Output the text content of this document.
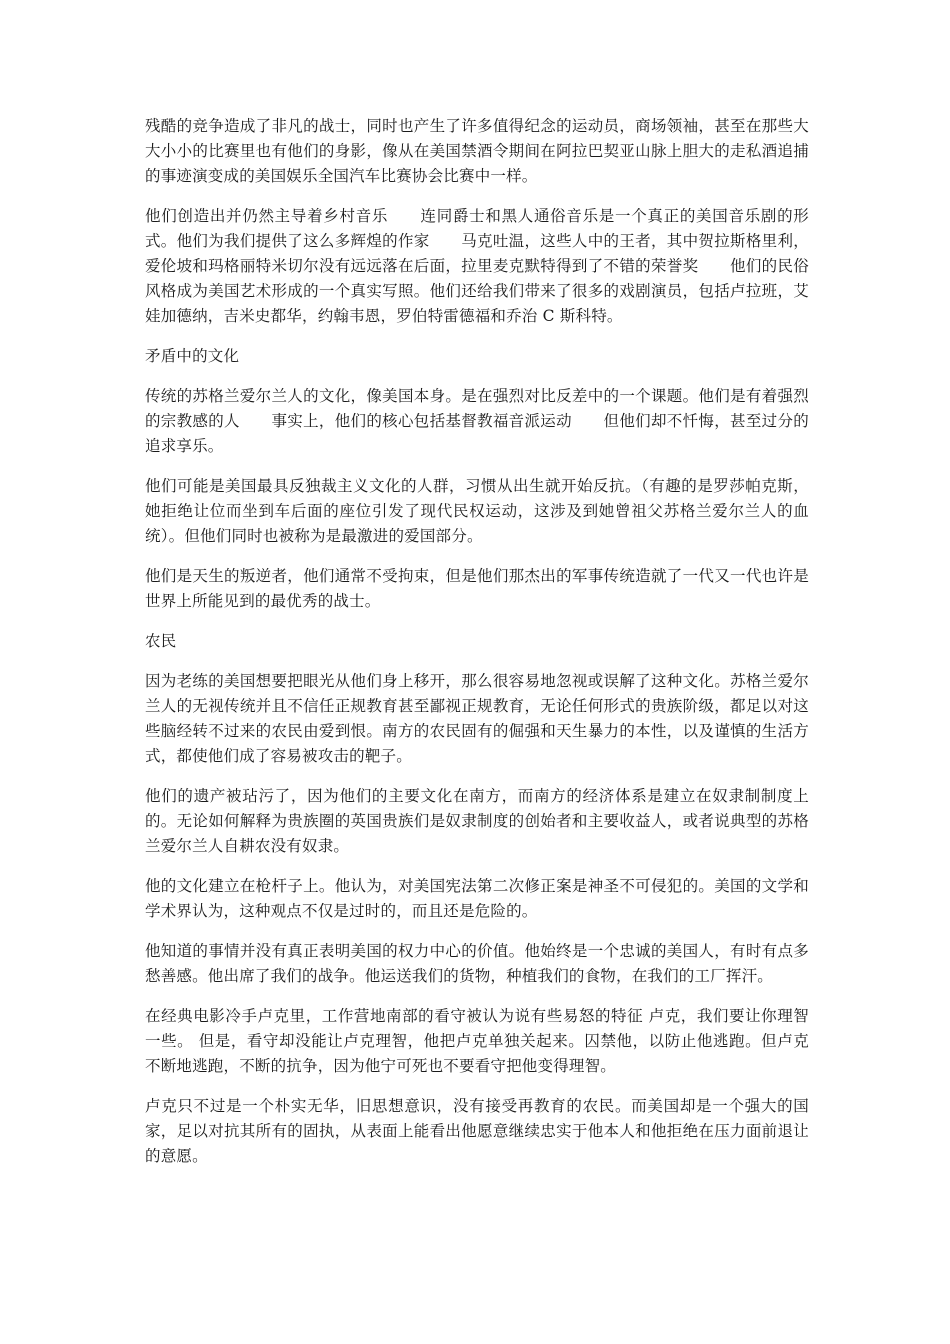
残酷的竞争造成了非凡的战士，同时也产生了许多值得纪念的运动员，商场领袖，甚至在那些大大小小的比赛里也有他们的身影，像从在美国禁酒令期间在阿拉巴契亚山脉上胆大的走私酒追捕的事迹演变成的美国娱乐全国汽车比赛协会比赛中一样。

他们创造出并仍然主导着乡村音乐　　连同爵士和黑人通俗音乐是一个真正的美国音乐剧的形式。他们为我们提供了这么多辉煌的作家　　马克吐温，这些人中的王者，其中贺拉斯格里利，爱伦坡和玛格丽特米切尔没有远远落在后面，拉里麦克默特得到了不错的荣誉奖　　他们的民俗风格成为美国艺术形成的一个真实写照。他们还给我们带来了很多的戏剧演员，包括卢拉班，艾娃加德纳，吉米史都华，约翰韦恩，罗伯特雷德福和乔治 C 斯科特。

矛盾中的文化

传统的苏格兰爱尔兰人的文化，像美国本身。是在强烈对比反差中的一个课题。他们是有着强烈的宗教感的人　　事实上，他们的核心包括基督教福音派运动　　但他们却不忏悔，甚至过分的追求享乐。

他们可能是美国最具反独裁主义文化的人群，习惯从出生就开始反抗。（有趣的是罗莎帕克斯，她拒绝让位而坐到车后面的座位引发了现代民权运动，这涉及到她曾祖父苏格兰爱尔兰人的血统）。但他们同时也被称为是最激进的爱国部分。

他们是天生的叛逆者，他们通常不受拘束，但是他们那杰出的军事传统造就了一代又一代也许是世界上所能见到的最优秀的战士。

农民

因为老练的美国想要把眼光从他们身上移开，那么很容易地忽视或误解了这种文化。苏格兰爱尔兰人的无视传统并且不信任正规教育甚至鄙视正规教育，无论任何形式的贵族阶级，都足以对这些脑经转不过来的农民由爱到恨。南方的农民固有的倔强和天生暴力的本性，以及谨慎的生活方式，都使他们成了容易被攻击的靶子。

他们的遗产被玷污了，因为他们的主要文化在南方，而南方的经济体系是建立在奴隶制制度上的。无论如何解释为贵族圈的英国贵族们是奴隶制度的创始者和主要收益人，或者说典型的苏格兰爱尔兰人自耕农没有奴隶。

他的文化建立在枪杆子上。他认为，对美国宪法第二次修正案是神圣不可侵犯的。美国的文学和学术界认为，这种观点不仅是过时的，而且还是危险的。

他知道的事情并没有真正表明美国的权力中心的价值。他始终是一个忠诚的美国人，有时有点多愁善感。他出席了我们的战争。他运送我们的货物，种植我们的食物，在我们的工厂挥汗。

在经典电影冷手卢克里，工作营地南部的看守被认为说有些易怒的特征 卢克，我们要让你理智一些。 但是，看守却没能让卢克理智，他把卢克单独关起来。囚禁他，以防止他逃跑。但卢克不断地逃跑，不断的抗争，因为他宁可死也不要看守把他变得理智。

卢克只不过是一个朴实无华，旧思想意识，没有接受再教育的农民。而美国却是一个强大的国家，足以对抗其所有的固执，从表面上能看出他愿意继续忠实于他本人和他拒绝在压力面前退让的意愿。
